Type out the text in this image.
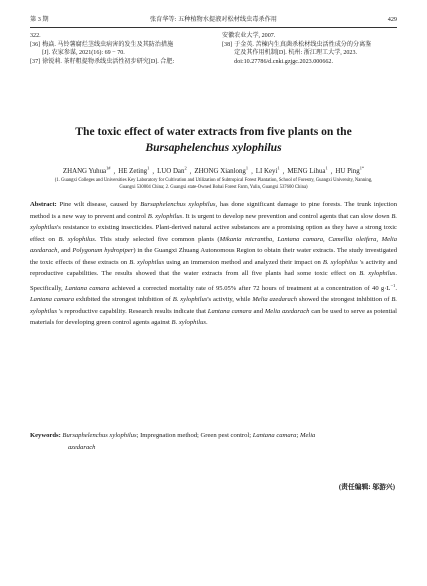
第 3 期	张育华等: 五种植物水提液对松材线虫毒杀作用	429
322.
[36] 梅焱. 马铃薯腐烂茎线虫病害的发生及其防治措施
[J]. 农家参谋, 2021(16): 69 − 70.
[37] 徐锐莉. 茶籽粗提物杀线虫活性初步研究[D]. 合肥:
安徽农业大学, 2007.
[38] 于金英. 苦楝内生真菌杀松材线虫活性成分的分离鉴
定及其作用机制[D]. 杭州: 浙江理工大学, 2023.
doi:10.27786/d.cnki.gzjgc.2023.000662.
The toxic effect of water extracts from five plants on the
Bursaphelenchus xylophilus
ZHANG Yuhua$^{1\#}$ , HE Zeting$^1$ , LUO Dan$^2$ , ZHONG Xianlong$^1$ , LI Keyi$^1$ , MENG Lihua$^1$ , HU Ping$^{1*}$
(1. Guangxi Colleges and Universities Key Laboratory for Cultivation and Utilization of Subtropical Forest Plantation, School of Forestry, Guangxi University, Nanning, Guangxi 530004 China; 2. Guangxi state-Owned Bobai Forest Farm, Yulin, Guangxi 537600 China)
Abstract: Pine wilt disease, caused by Bursaphelenchus xylophilus, has done significant damage to pine forests. The trunk injection method is a new way to prevent and control B. xylophilus. It is urgent to develop new prevention and control agents that can slow down B. xylophilus's resistance to existing insecticides. Plant-derived natural active substances are a promising option as they have a strong toxic effect on B. xylophilus. This study selected five common plants (Mikania micrantha, Lantana camara, Camellia oleifera, Melia azedarach, and Polygonum hydropiper) in the Guangxi Zhuang Autonomous Region to obtain their water extracts. The study investigated the toxic effects of these extracts on B. xylophilus using an immersion method and analyzed their impact on B. xylophilus 's activity and reproductive capabilities. The results showed that the water extracts from all five plants had some toxic effect on B. xylophilus. Specifically, Lantana camara achieved a corrected mortality rate of 95.05% after 72 hours of treatment at a concentration of 40 $g\cdot L^{-1}$. Lantana camara exhibited the strongest inhibition of B. xylophilus's activity, while Melia azedarach showed the strongest inhibition of B. xylophilus 's reproductive capability. Research results indicate that Lantana camara and Melia azedarach can be used to serve as potential materials for developing green control agents against B. xylophilus.
Keywords: Bursaphelenchus xylophilus; Impregnation method; Green pest control; Lantana camara; Melia
azedarach
(责任编辑: 邬游兴)
